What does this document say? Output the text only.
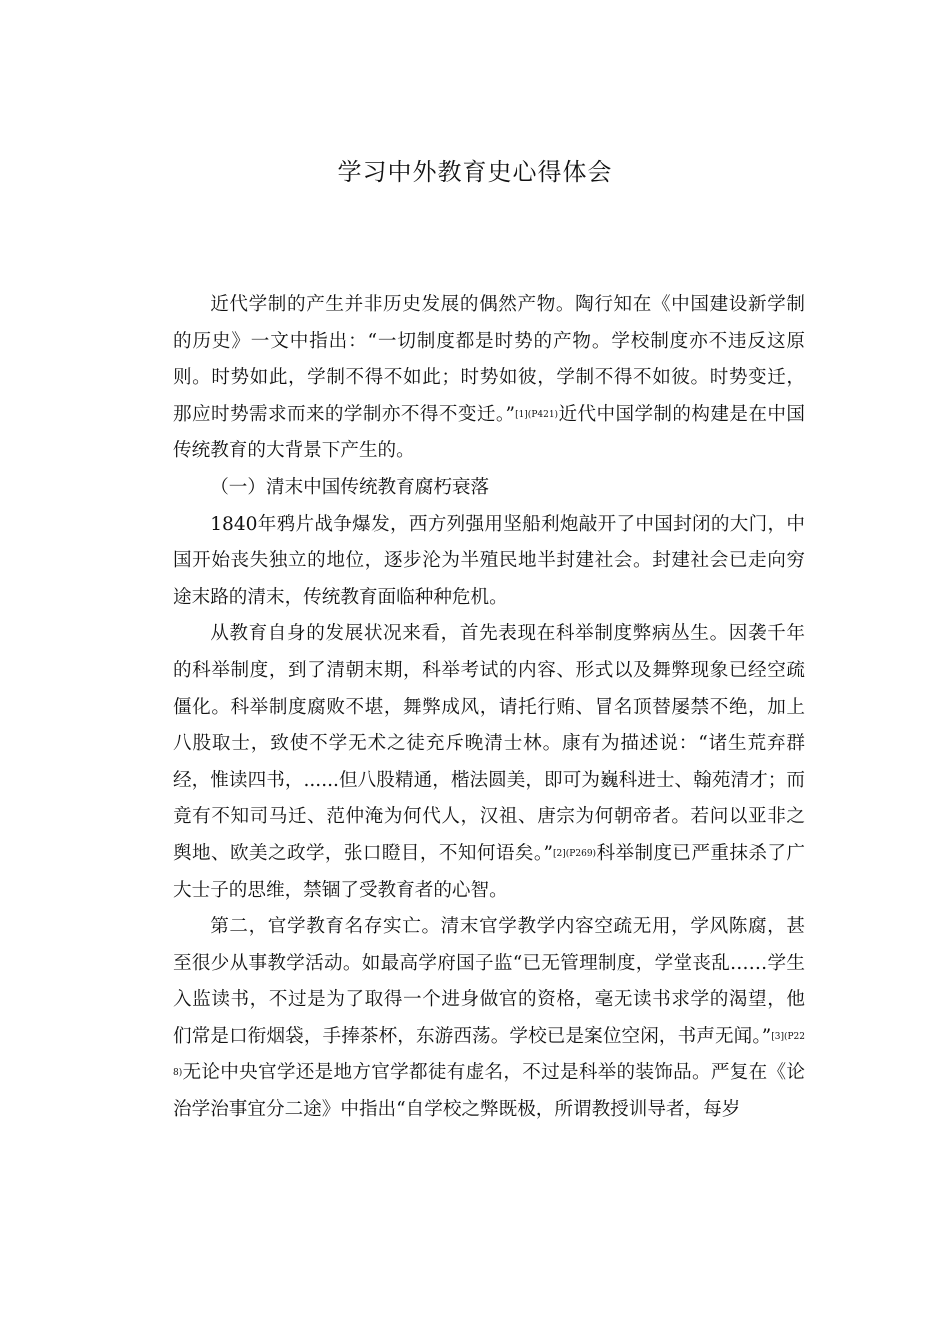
学习中外教育史心得体会

近代学制的产生并非历史发展的偶然产物。陶行知在《中国建设新学制的历史》一文中指出：“一切制度都是时势的产物。学校制度亦不违反这原则。时势如此，学制不得不如此；时势如彼，学制不得不如彼。时势变迁，那应时势需求而来的学制亦不得不变迁。”[1](P421)近代中国学制的构建是在中国传统教育的大背景下产生的。

（一）清末中国传统教育腐朽衰落

1840年鸦片战争爆发，西方列强用坚船利炮敲开了中国封闭的大门，中国开始丧失独立的地位，逐步沦为半殖民地半封建社会。封建社会已走向穷途末路的清末，传统教育面临种种危机。

从教育自身的发展状况来看，首先表现在科举制度弊病丛生。因袭千年的科举制度，到了清朝末期，科举考试的内容、形式以及舞弊现象已经空疏僵化。科举制度腐败不堪，舞弊成风，请托行贿、冒名顶替屡禁不绝，加上八股取士，致使不学无术之徒充斥晚清士林。康有为描述说：“诸生荒弃群经，惟读四书，......但八股精通，楷法圆美，即可为巍科进士、翰苑清才；而竟有不知司马迁、范仲淹为何代人，汉祖、唐宗为何朝帝者。若问以亚非之舆地、欧美之政学，张口瞪目，不知何语矣。”[2](P269)科举制度已严重抹杀了广大士子的思维，禁锢了受教育者的心智。

第二，官学教育名存实亡。清末官学教学内容空疏无用，学风陈腐，甚至很少从事教学活动。如最高学府国子监“已无管理制度，学堂丧乱……学生入监读书，不过是为了取得一个进身做官的资格，毫无读书求学的渴望，他们常是口衔烟袋，手捧茶杯，东游西荡。学校已是案位空闲，书声无闻。”[3](P228)无论中央官学还是地方官学都徒有虚名，不过是科举的装饰品。严复在《论治学治事宜分二途》中指出“自学校之弊既极，所谓教授训导者，每岁
